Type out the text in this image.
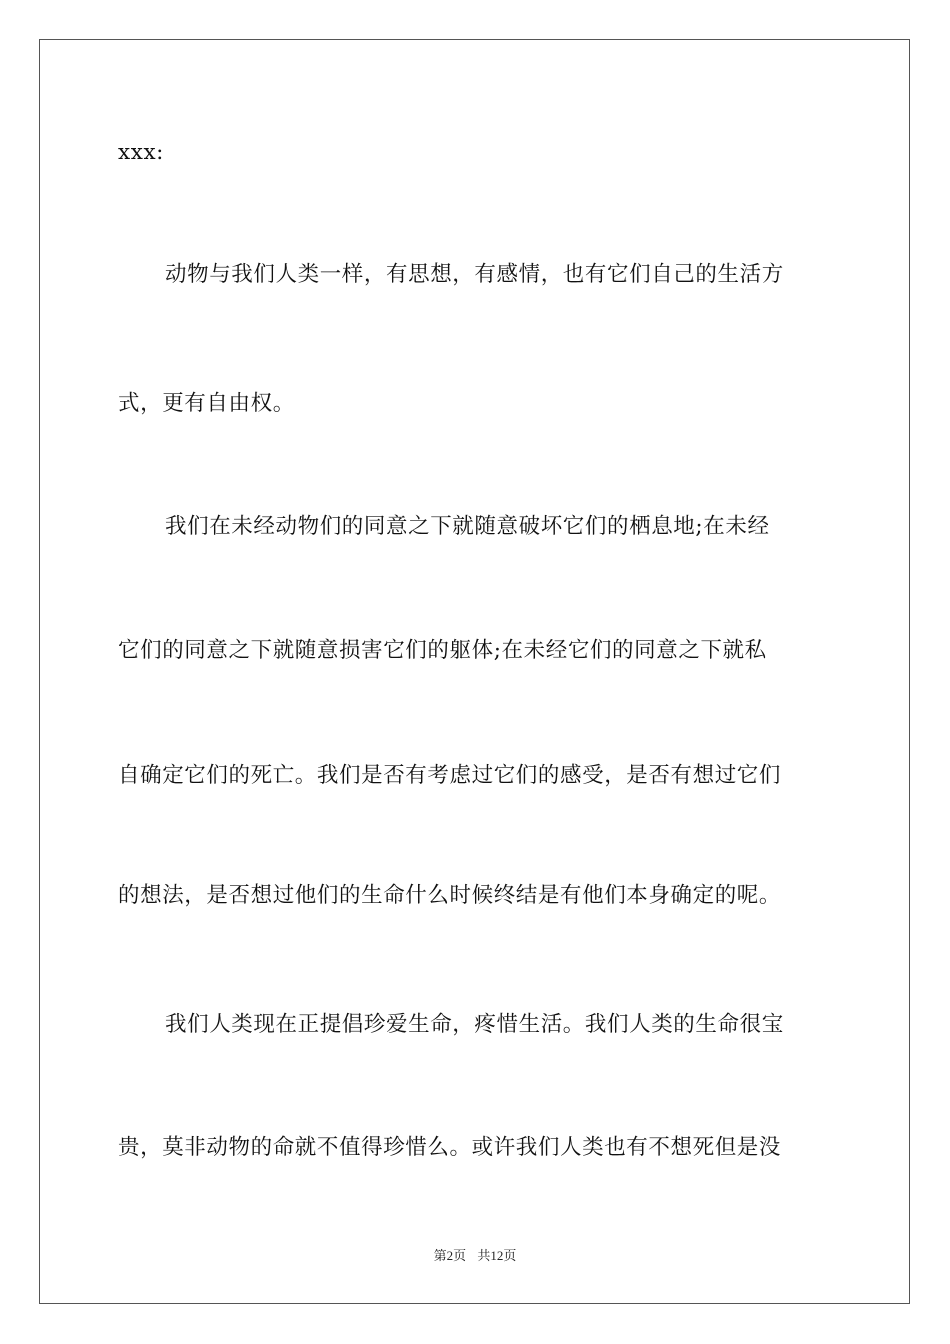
xxx:

动物与我们人类一样，有思想，有感情，也有它们自己的生活方

式，更有自由权。

我们在未经动物们的同意之下就随意破坏它们的栖息地;在未经

它们的同意之下就随意损害它们的躯体;在未经它们的同意之下就私

自确定它们的死亡。我们是否有考虑过它们的感受，是否有想过它们

的想法，是否想过他们的生命什么时候终结是有他们本身确定的呢。

我们人类现在正提倡珍爱生命，疼惜生活。我们人类的生命很宝

贵，莫非动物的命就不值得珍惜么。或许我们人类也有不想死但是没

第2页 共12页
